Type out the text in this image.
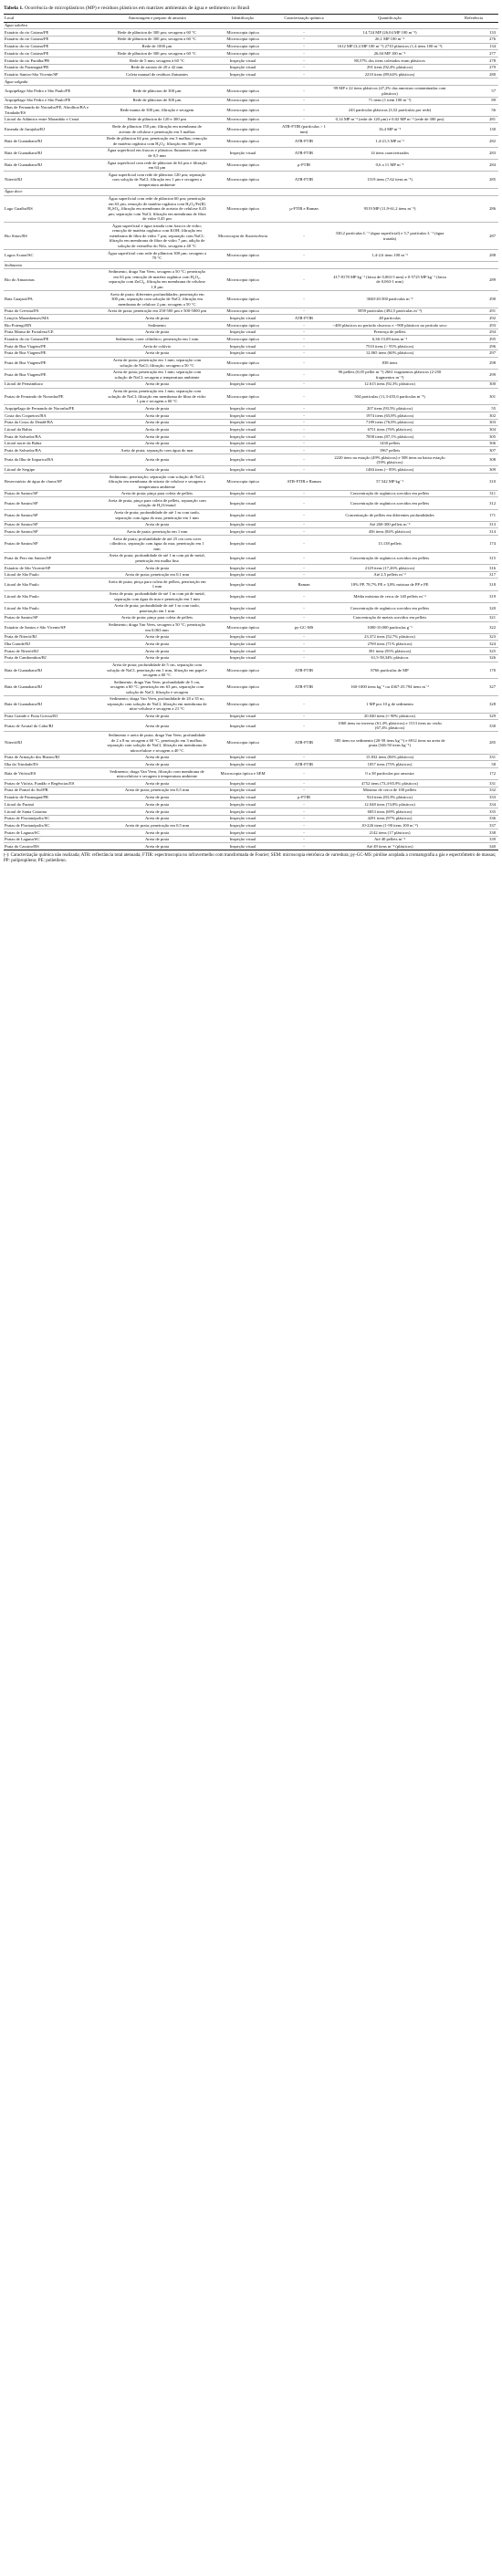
Tabela 1. Ocorrência de microplásticos (MP) e resíduos plásticos em matrizes ambientais de água e sedimento no Brasil

Local	Amostragem e preparo de amostra	Identificação	Caracterização química	Quantificação	Referência
Água salobra					
Estuário do rio Goiana/PE	Rede de plâncton de 300 µm; secagem a 60 °C	Microscopia óptica	-	14.724 MP (26,04 MP 100 m⁻³)	133
Estuário do rio Goiana/PE	Rede de plâncton de 300 µm; secagem a 60 °C	Microscopia óptica	-	26,1 MP 100 m⁻³	276
Estuário do rio Goiana/PE	Rede de 1000 µm	Microscopia óptica	-	1612 MP (3,4 MP 100 m⁻³) 2710 plásticos (1,4 itens 100 m⁻³)	134
Estuário do rio Goiana/PE	Rede de plâncton de 300 µm; secagem a 60 °C	Microscopia óptica	-	26,04 MP 100 m⁻³	277
Estuário do rio Paraíba/PB	Rede de 5 mm; secagem à 60 °C	Inspeção visual	-	88,57% dos itens coletados eram plásticos	278
Estuário do Paranaguá/PR	Rede de arrasto de 20 a 42 mm	Inspeção visual	-	291 itens (92,4% plásticos)	279
Estuário Santos-São Vicente/SP	Coleta manual de resíduos flutuantes	Inspeção visual	-	2210 itens (89,64% plásticos)	280
Água salgada					
Arquipélago São Pedro e São Paulo/PE	Rede de plâncton de 300 µm	Microscopia óptica	-	99 MP e 22 itens plásticos (47,2% das amostras contaminadas com plásticos)	57
Arquipélago São Pedro e São Paulo/PE	Rede de plâncton de 300 µm	Microscopia óptica	-	71 itens (1 item 100 m⁻³)	89
Ilhas de Fernando de Noronha/PE, Abrolhos/BA e Trindade/ES	Rede manta de 300 µm; filtração e secagem	Microscopia óptica	-	243 partículas plásticas (3,52 partículas por rede)	56
Litoral do Atlântico entre Maranhão e Ceará	Rede de plâncton de 120 e 300 µm	Microscopia óptica	-	0,14 MP m⁻³ (rede de 120 µm) e 0,02 MP m⁻³ (rede de 300 µm)	281
Enseada de Jurujuba/RJ	Rede de plâncton 150 µm; filtração em membrana de acetato de celulose e peneiração em 3 malhas	Microscopia óptica	ATR-FTIR (partículas > 1 mm)	16,4 MP m⁻³	130
Baía de Guanabara/RJ	Rede de plâncton 64 µm; peneiração em 3 malhas; remoção de matéria orgânica com H₂O₂; filtração em 300 µm	Microscopia óptica	ATR-FTIR	1,4-21,3 MP m⁻³	282
Baía de Guanabara/RJ	Água superficial em frascos e plásticos flutuantes com rede de 0,5 mm	Inspeção visual	ATR-FTIR	14 itens caracterizados	283
Baía de Guanabara/RJ	Água superficial com rede de plâncton de 64 µm e filtração em 64 µm	Microscopia óptica	µ-FTIR	0,6 a 11 MP m⁻³	284
Niterói/RJ	Água superficial com rede de plâncton 120 µm; separação com solução de NaCl; filtração em 1 µm e secagem a temperatura ambiente	Microscopia óptica	ATR-FTIR	1519 itens (7,62 itens m⁻³)	285
Água doce					
Lago Guaíba/RS	Água superficial com rede de plâncton 60 µm; peneiração em 63 µm, remoção de matéria orgânica com H₂O₂/Fe(II) H₂SO₄, filtração em membrana de acetato de celulose 0,45 µm; separação com NaCl; filtração em membrana de fibra de vidro 0,45 µm	Microscopia óptica	µ-FTIR e Raman	9519 MP (11,9-61,2 itens m⁻³)	286
Rio Sinos/RS	Água superficial e água tratada com frascos de vidro; remoção de matéria orgânica com KOH; filtração em membrana de fibra de vidro 7 µm; separação com NaCl; filtração em membrana de fibra de vidro 7 µm, adição de solução de vermelho do Nilo, secagem a 40 °C	Microscopia de fluorescência	-	330,2 partículas L⁻¹ (água superficial) e 5,7 partículas L⁻¹ (água tratada)	287
Lagoa Acaraí/SC	Água superficial com rede de plâncton 300 µm; secagem a 70 °C	Microscopia óptica	-	1,4-2,6 itens 100 m⁻³	288
Sedimento					
Rio do Amazonas	Sedimento, draga Van Veen, secagem a 50 °C; peneiração em 63 µm, remoção de matéria orgânica com H₂O₂, separação com ZnCl₂, filtração em membrana de celulose 1,8 µm	Microscopia óptica	-	417-8178 MP kg⁻¹ (faixa de 0,063-5 mm) e 0-5725 MP kg⁻¹ (faixa de 0,063-1 mm)	289
Baía Guajará/PA	Areia de praia; diferentes profundidades; peneiração em 300 µm; separação com solução de NaCl; filtração em membrana de celulose 2 µm; secagem a 50 °C	Microscopia óptica	-	3040-20.500 partículas m⁻²	290
Praia do Crevina/PA	Areia de praia; peneiração em 250-500 µm e 500-5000 µm	Microscopia óptica	-	5859 partículas (492,5 partículas m⁻²)	291
Lençóis Maranhenses/MA	Areia de praia	Inspeção visual	ATR-FTIR	48 partículas	292
Rio Potengi/RN	Sedimento	Microscopia óptica	-	~400 plásticos no período chuvoso e ~900 plásticos no período seco	293
Praia Mansa de Fortaleza/CE	Areia de praia	Inspeção visual	-	Presença de pellets	294
Estuário do rio Goiana/PE	Sedimento, corer cilíndrico, peneiração em 1 mm	Microscopia óptica	-	6,36-15,89 itens m⁻²	295
Praia de Boa Viagem/PE	Areia de colúvio	Inspeção visual	-	7510 itens (> 95% plásticos)	296
Praia de Boa Viagem/PE	Areia de praia	Inspeção visual	-	12.065 itens (60% plásticos)	297
Praia de Boa Viagem/PE	Areia de praia; peneiração em 1 mm; separação com solução de NaCl; filtração; secagem a 50 °C	Microscopia óptica	-	838 itens	298
Praia de Boa Viagem/PE	Areia de praia; peneiração em 1 mm; separação com solução de NaCl; secagem a temperatura ambiente	Microscopia óptica	-	96 pellets (0,05 pellet m⁻²) 2661 fragmentos plásticos (2-250 fragmentos m⁻²)	299
Litoral de Pernambuco	Areia de praia	Inspeção visual	-	12.615 itens (92,3% plásticos)	300
Praias de Fernando de Noronha/PE	Areia de praia; peneiração em 1 mm, separação com solução de NaCl; filtração em membrana de fibra de vidro 1 µm e secagem a 60 °C	Microscopia óptica	-	504 partículas (11,3-455,6 partículas m⁻²)	301
Arquipélago de Fernando de Noronha/PE	Areia de praia	Inspeção visual	-	207 itens (93,5% plásticos)	55
Costa dos Coqueiros/BA	Areia de praia	Inspeção visual	-	1974 itens (65,8% plásticos)	302
Praia da Costa do Dendê/BA	Areia de praia	Inspeção visual	-	7189 itens (76,8% plásticos)	303
Litoral da Bahia	Areia de praia	Inspeção visual	-	6751 itens (76% plásticos)	304
Praia de Salvador/BA	Areia de praia	Inspeção visual	-	7858 itens (87,1% plásticos)	305
Litoral norte da Bahia	Areia de praia	Inspeção visual	-	1430 pellets	306
Praia de Salvador/BA	Areia de praia; separação com água do mar	Inspeção visual	-	1967 pellets	307
Praia da Ilha de Itaparica/BA	Areia de praia	Inspeção visual	-	2220 itens na estação (49% plásticos) e 508 itens na baixa estação (59% plásticos)	308
Litoral de Sergipe	Areia de praia	Inspeção visual	-	1484 itens (~ 85% plásticos)	309
Reservatório de água de chuva/SP	Sedimento; peneiração; separação com solução de NaCl; filtração em membrana de nitrato de celulose e secagem a temperatura ambiente	Microscopia óptica	ATR-FTIR e Raman	57.542 MP kg⁻¹	310
Praias de Santos/SP	Areia de praia; pinça para coleta de pellets	Inspeção visual	-	Concentração de orgânicos sorvidos em pellets	311
Praias de Santos/SP	Areia de praia, pinça para coleta de pellets, separação com solução de H₂O/etanol	Inspeção visual	-	Concentração de orgânicos sorvidos em pellets	312
Praias de Santos/SP	Areia de praia; profundidade de até 1 m com trado, separação com água do mar, peneiração em 1 mm	Inspeção visual	-	Concentração de pellets em diferentes profundidades	171
Praias de Santos/SP	Areia de praia	Inspeção visual	-	Até 260-300 pellets m⁻²	313
Praias de Santos/SP	Areia de praia; peneiração em 1 mm	Inspeção visual	-	456 itens (84% plásticos)	314
Praias de Santos/SP	Areia de praia; profundidade de até 25 cm com corer cilíndrico, separação com água do mar, peneiração em 1 mm	Inspeção visual	-	13.138 pellets	174
Praia do Pero em Santos/SP	Areia de praia; profundidade de até 1 m com pá de metal, peneiração em malha fina	Inspeção visual	-	Concentração de orgânicos sorvidos em pellets	315
Estuário de São Vicente/SP	Areia de praia	Inspeção visual	-	2129 itens (17,26% plásticos)	316
Litoral de São Paulo	Areia de praia; peneiração em 0,1 mm	Inspeção visual	-	Até 2,5 pellets m⁻²	317
Litoral de São Paulo	Areia de praia; pinça para coleta de pellets, peneiração em 1 mm	Inspeção visual	Raman	18% PP, 78,7% PE e 3,8% mistura de PP e PE	318
Litoral de São Paulo	Areia de praia; profundidade de até 1 m com pá de metal, separação com água do mar e peneiração em 1 mm	Inspeção visual	-	Média máxima de cerca de 140 pellets m⁻²	319
Litoral de São Paulo	Areia de praia; profundidade de até 1 m com trado, peneiração em 1 mm	Inspeção visual	-	Concentração de orgânicos sorvidos em pellets	320
Praias de Santos/SP	Areia de praia; pinça para coleta de pellets	Inspeção visual	-	Concentração de metais sorvidos em pellets	321
Estuário de Santos e São Vicente/SP	Sedimento; draga Van Veen, secagem a 50 °C; peneiração em 0,063 mm	Microscopia óptica	py-GC-MS	1000-10.000 partículas g⁻¹	322
Praia de Niterói/RJ	Areia de praia	Inspeção visual	-	23.372 itens (52,7% plásticos)	323
Ilha Grande/RJ	Areia de praia	Inspeção visual	-	2769 itens (71% plásticos)	324
Praias de Niterói/RJ	Areia de praia	Inspeção visual	-	391 itens (95% plásticos)	325
Praia de Cambomboa/RJ	Areia de praia	Inspeção visual	-	61,5-58,34% plásticos	326
Baía de Guanabara/RJ	Areia de praia; profundidade de 5 cm, separação com solução de NaCl, peneiração em 1 mm, filtração em papel e secagem a 60 °C	Microscopia óptica	ATR-FTIR	8766 partículas de MP	170
Baía de Guanabara/RJ	Sedimento; draga Van Veen, profundidade de 5 cm, secagem a 60 °C; peneiração em 63 µm, separação com solução de NaCl, filtração e secagem	Microscopia óptica	ATR-FTIR	160-1000 itens kg⁻¹ ou 4367-25.794 itens m⁻²	327
Baía de Guanabara/RJ	Sedimento; draga Van Veen, profundidade de 20 a 35 m; separação com solução de NaCl, filtração em membrana de nitro-celulose e secagem a 21 °C	Microscopia óptica	-	1 MP por 10 g de sedimento	328
Praia Grande e Praia Grossa/RJ	Areia de praia	Inspeção visual	-	20.040 itens (≈ 90% plásticos)	329
Praias de Arraial do Cabo/RJ	Areia de praia	Inspeção visual	-	1060 itens no inverno (61,4% plásticos) e 1513 itens no verão (67,4% plásticos)	330
Niterói/RJ	Sedimento e areia de praia; draga Van Veen, profundidade de 2 a 8 m; secagem a 60 °C, peneiração em 3 malhas; separação com solução de NaCl, filtração em membrana de nitrocelulose e secagem a 40 °C	Microscopia óptica	ATR-FTIR	585 itens no sedimento (20-58 itens kg⁻¹) e 6912 itens na areia de praia (346-50 itens kg⁻¹)	285
Praia de Armação dos Búzios/RJ	Areia de praia	Inspeção visual	-	15.832 itens (84% plásticos)	331
Ilha da Trindade/ES	Areia de praia	Inspeção visual	ATR-FTIR	1057 itens (75% plásticos)	58
Baía de Vitória/ES	Sedimento; draga Van Veen, filtração com membrana de nitrocelulose e secagem à temperatura ambiente	Microscopia óptica e SEM	-	0 a 38 partículas por amostra	172
Praias de Vitória, Fundão e Regências/ES	Areia de praia	Inspeção visual	-	4752 itens (73,4-85,9% plásticos)	331
Praia de Pontal do Sul/PR	Areia de praia; peneiração em 0,5 mm	Inspeção visual	-	Máximo de cerca de 100 pellets	332
Estuário de Paranaguá/PR	Areia de praia	Inspeção visual	µ-FTIR	924 itens (83,3% plásticos)	333
Litoral do Paraná	Areia de praia	Inspeção visual	-	12.048 itens (74,8% plásticos)	334
Litoral de Santa Catarina	Areia de praia	Inspeção visual	-	6053 itens (69% plásticos)	335
Praias de Florianópolis/SC	Areia de praia	Inspeção visual	-	4291 itens (97% plásticos)	336
Praias de Florianópolis/SC	Areia de praia; peneiração em 0,5 mm	Inspeção visual	-	10-226 itens (1-90 itens 100 m⁻²)	337
Praias de Laguna/SC	Areia de praia	Inspeção visual	-	2142 itens (17 plásticos)	338
Praias de Laguna/SC	Areia de praia	Inspeção visual	-	Até 40 pellets m⁻²	339
Praia do Cassino/RS	Areia de praia	Inspeção visual	-	Até 49 itens m⁻² (plásticos)	340

(-): Caracterização química não realizada; ATR: reflectância total atenuada; FTIR: espectroscopia no infravermelho com transformada de Fourier; SEM: microscopia eletrônica de varredura; py-GC-MS: pirólise acoplada a cromatografia a gás e espectrômetro de massas; PP: polipropileno; PE: polietileno.
